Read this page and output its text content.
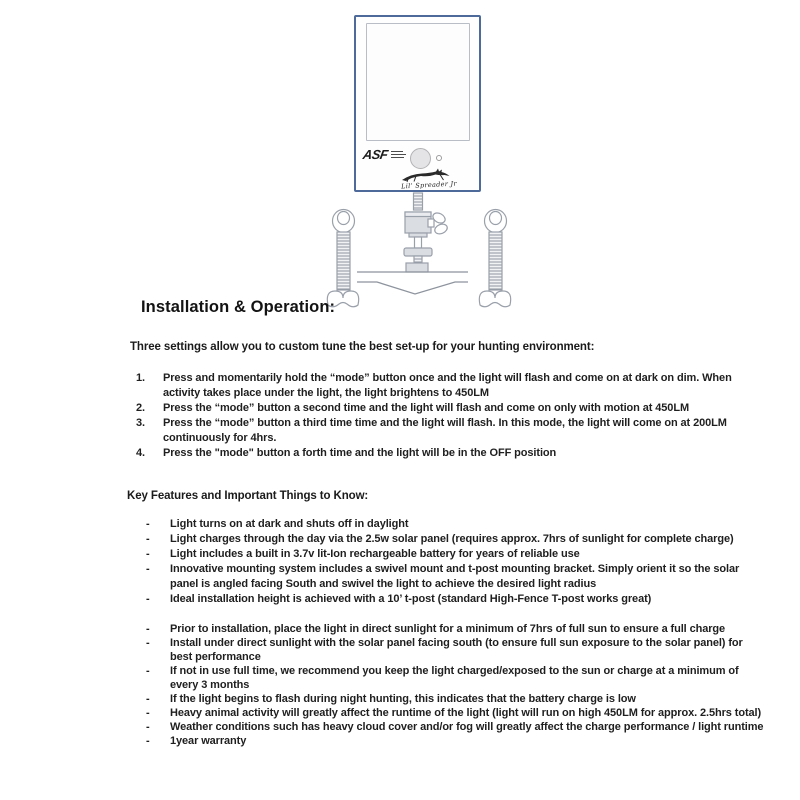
ASF
Lil’ Spreader Jr
Installation & Operation:
Three settings allow you to custom tune the best set-up for your hunting environment:
1.	Press and momentarily hold the “mode” button once and the light will flash and come on at dark on dim. When activity takes place under the light, the light brightens to 450LM
2.	Press the “mode” button a second time and the light will flash and come on only with motion at 450LM
3.	Press the “mode” button a third time time and the light will flash. In this mode, the light will come on at 200LM continuously for 4hrs.
4.	Press the "mode" button a forth time and the light will be in the OFF position
Key Features and Important Things to Know:
-	Light turns on at dark and shuts off in daylight
-	Light charges through the day via the 2.5w solar panel (requires approx. 7hrs of sunlight for complete charge)
-	Light includes a built in 3.7v lit-Ion rechargeable battery for years of reliable use
-	Innovative mounting system includes a swivel mount and t-post mounting bracket. Simply orient it so the solar panel is angled facing South and swivel the light to achieve the desired light radius
-	Ideal installation height is achieved with a 10’ t-post (standard High-Fence T-post works great)
-	Prior to installation, place the light in direct sunlight for a minimum of 7hrs of full sun to ensure a full charge
-	Install under direct sunlight with the solar panel facing south (to ensure full sun exposure to the solar panel) for best performance
-	If not in use full time, we recommend you keep the light charged/exposed to the sun or charge at a minimum of every 3 months
-	If the light begins to flash during night hunting, this indicates that the battery charge is low
-	Heavy animal activity will greatly affect the runtime of the light (light will run on high 450LM for approx. 2.5hrs total)
-	Weather conditions such has heavy cloud cover and/or fog will greatly affect the charge performance / light runtime
-	1year warranty
